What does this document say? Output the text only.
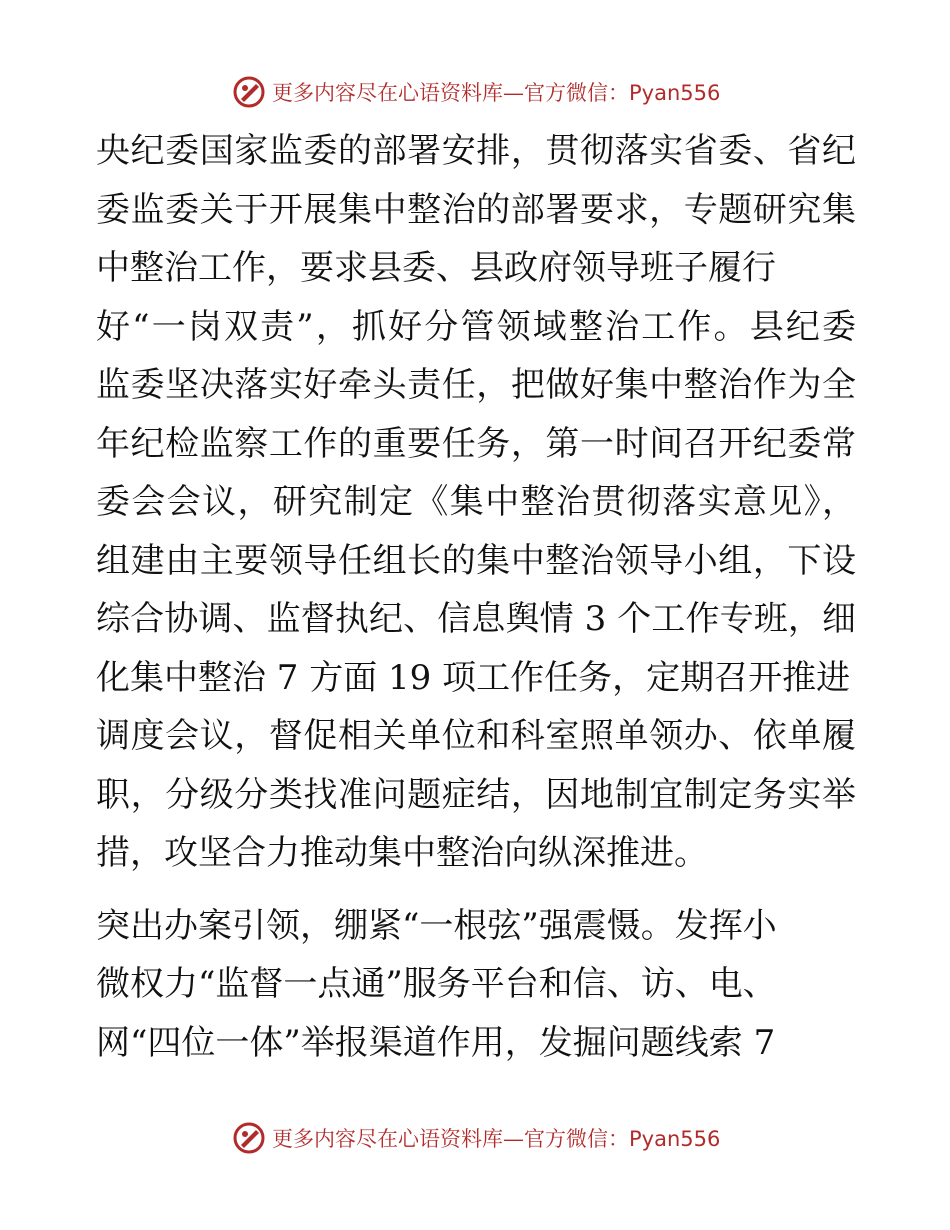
更多内容尽在心语资料库—官方微信：Pyan556
央纪委国家监委的部署安排，贯彻落实省委、省纪
委监委关于开展集中整治的部署要求，专题研究集
中整治工作，要求县委、县政府领导班子履行
好“一岗双责”，抓好分管领域整治工作。县纪委
监委坚决落实好牵头责任，把做好集中整治作为全
年纪检监察工作的重要任务，第一时间召开纪委常
委会会议，研究制定《集中整治贯彻落实意见》，
组建由主要领导任组长的集中整治领导小组，下设
综合协调、监督执纪、信息舆情 3 个工作专班，细
化集中整治 7 方面 19 项工作任务，定期召开推进
调度会议，督促相关单位和科室照单领办、依单履
职，分级分类找准问题症结，因地制宜制定务实举
措，攻坚合力推动集中整治向纵深推进。
突出办案引领，绷紧“一根弦”强震慑。发挥小
微权力“监督一点通”服务平台和信、访、电、
网“四位一体”举报渠道作用，发掘问题线索 7
更多内容尽在心语资料库—官方微信：Pyan556
